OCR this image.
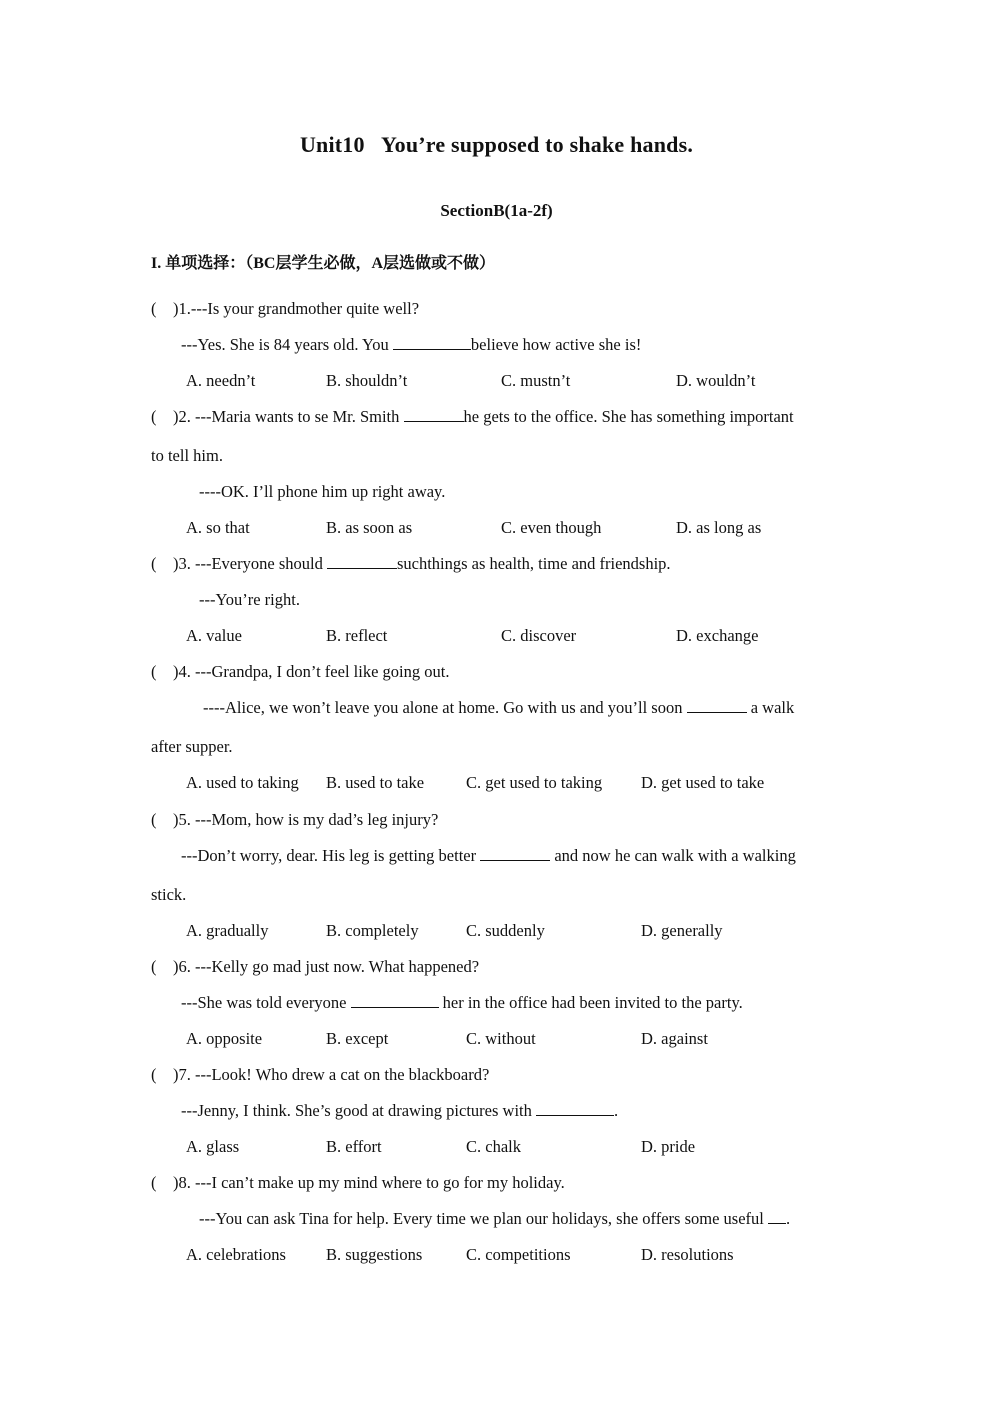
Unit10   You’re supposed to shake hands.
SectionB(1a-2f)
I. 单项选择：（BC层学生必做，A层选做或不做）
( )1.---Is your grandmother quite well?
---Yes. She is 84 years old. You	believe how active she is!
A. needn’t	B. shouldn’t	C. mustn’t	D. wouldn’t
( )2. ---Maria wants to se Mr. Smith	he gets to the office. She has something important
to tell him.
----OK. I’ll phone him up right away.
A. so that	B. as soon as	C. even though	D. as long as
( )3. ---Everyone should	suchthings as health, time and friendship.
---You’re right.
A. value	B. reflect	C. discover	D. exchange
( )4. ---Grandpa, I don’t feel like going out.
----Alice, we won’t leave you alone at home. Go with us and you’ll soon	a walk
after supper.
A. used to taking B. used to take	C. get used to taking D. get used to take
( )5. ---Mom, how is my dad’s leg injury?
---Don’t worry, dear. His leg is getting better	and now he can walk with a walking
stick.
A. gradually	B. completely	C. suddenly	D. generally
( )6. ---Kelly go mad just now. What happened?
---She was told everyone	her in the office had been invited to the party.
A. opposite	B. except	C. without	D. against
( )7. ---Look! Who drew a cat on the blackboard?
---Jenny, I think. She’s good at drawing pictures with	.
A. glass	B. effort	C. chalk	D. pride
( )8. ---I can’t make up my mind where to go for my holiday.
---You can ask Tina for help. Every time we plan our holidays, she offers some useful .
A. celebrations B. suggestions	C. competitions	D. resolutions
